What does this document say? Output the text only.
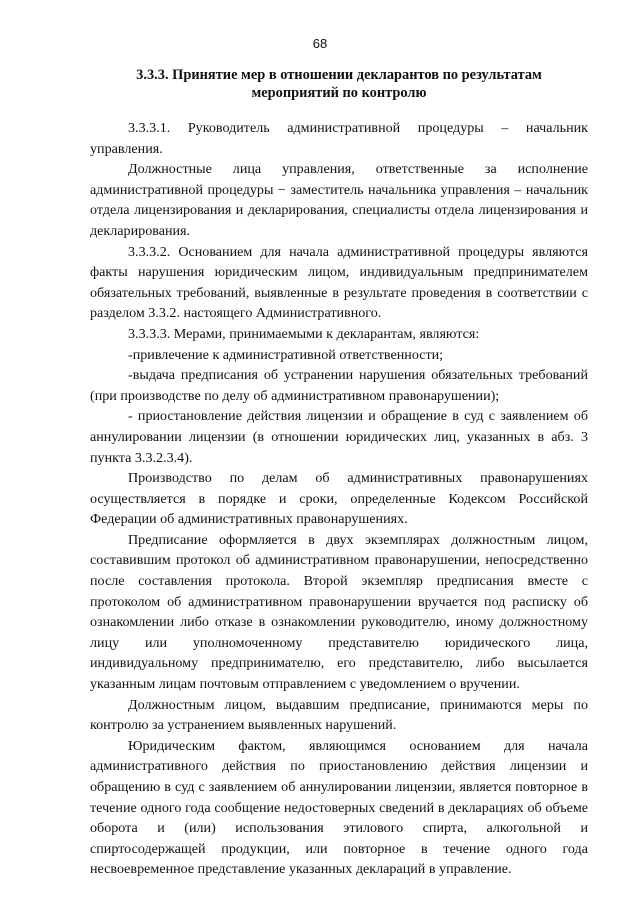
68
3.3.3. Принятие мер в отношении декларантов по результатам
мероприятий по контролю

3.3.3.1. Руководитель административной процедуры – начальник управления.

Должностные лица управления, ответственные за исполнение административной процедуры − заместитель начальника управления – начальник отдела лицензирования и декларирования, специалисты отдела лицензирования и декларирования.

3.3.3.2. Основанием для начала административной процедуры являются факты нарушения юридическим лицом, индивидуальным предпринимателем обязательных требований, выявленные в результате проведения в соответствии с разделом 3.3.2. настоящего Административного.

3.3.3.3. Мерами, принимаемыми к декларантам, являются:

-привлечение к административной ответственности;

-выдача предписания об устранении нарушения обязательных требований (при производстве по делу об административном правонарушении);

- приостановление действия лицензии и обращение в суд с заявлением об аннулировании лицензии (в отношении юридических лиц, указанных в абз. 3 пункта 3.3.2.3.4).

Производство по делам об административных правонарушениях осуществляется в порядке и сроки, определенные Кодексом Российской Федерации об административных правонарушениях.

Предписание оформляется в двух экземплярах должностным лицом, составившим протокол об административном правонарушении, непосредственно после составления протокола. Второй экземпляр предписания вместе с протоколом об административном правонарушении вручается под расписку об ознакомлении либо отказе в ознакомлении руководителю, иному должностному лицу или уполномоченному представителю юридического лица, индивидуальному предпринимателю, его представителю, либо высылается указанным лицам почтовым отправлением с уведомлением о вручении.

Должностным лицом, выдавшим предписание, принимаются меры по контролю за устранением выявленных нарушений.

Юридическим фактом, являющимся основанием для начала административного действия по приостановлению действия лицензии и обращению в суд с заявлением об аннулировании лицензии, является повторное в течение одного года сообщение недостоверных сведений в декларациях об объеме оборота и (или) использования этилового спирта, алкогольной и спиртосодержащей продукции, или повторное в течение одного года несвоевременное представление указанных деклараций в управление.
